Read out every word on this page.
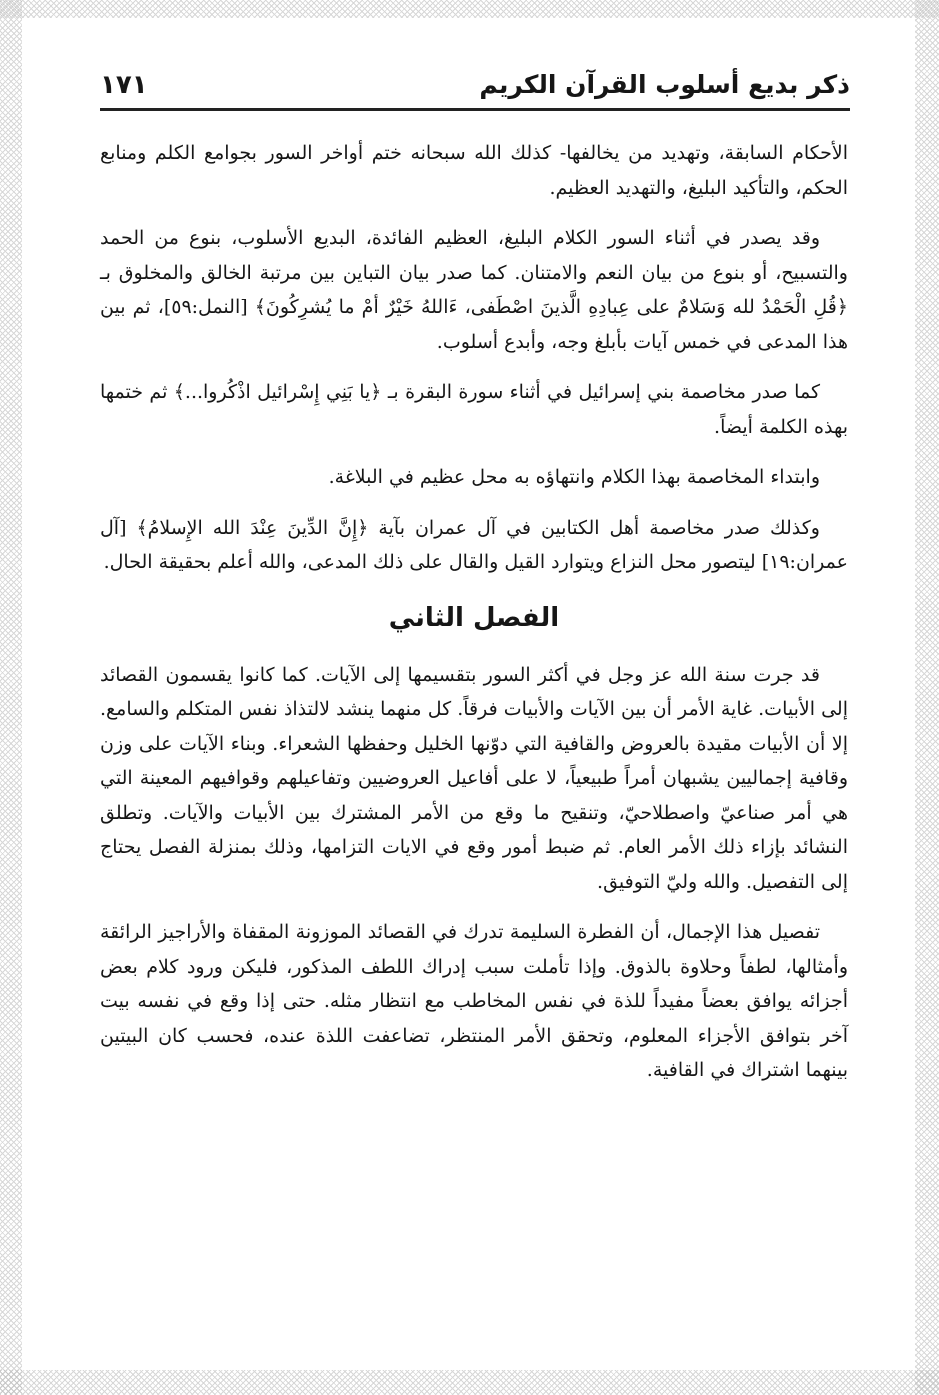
ذكر بديع أسلوب القرآن الكريم
١٧١

الأحكام السابقة، وتهديد من يخالفها- كذلك الله سبحانه ختم أواخر السور بجوامع الكلم ومنابع الحكم، والتأكيد البليغ، والتهديد العظيم.

وقد يصدر في أثناء السور الكلام البليغ، العظيم الفائدة، البديع الأسلوب، بنوع من الحمد والتسبيح، أو بنوع من بيان النعم والامتنان. كما صدر بيان التباين بين مرتبة الخالق والمخلوق بـ ﴿قُلِ الْحَمْدُ لله وَسَلامٌ على عِبادِهِ الَّذينَ اصْطَفى، ءَاللهُ خَيْرٌ أمْ ما يُشرِكُونَ﴾ [النمل:٥٩]، ثم بين هذا المدعى في خمس آيات بأبلغ وجه، وأبدع أسلوب.

كما صدر مخاصمة بني إسرائيل في أثناء سورة البقرة بـ ﴿يا بَنِي إِسْرائيل اذْكُروا...﴾ ثم ختمها بهذه الكلمة أيضاً.

وابتداء المخاصمة بهذا الكلام وانتهاؤه به محل عظيم في البلاغة.

وكذلك صدر مخاصمة أهل الكتابين في آل عمران بآية ﴿إِنَّ الدِّينَ عِنْدَ الله الإِسلامُ﴾ [آل عمران:١٩] ليتصور محل النزاع ويتوارد القيل والقال على ذلك المدعى، والله أعلم بحقيقة الحال.

الفصل الثاني

قد جرت سنة الله عز وجل في أكثر السور بتقسيمها إلى الآيات. كما كانوا يقسمون القصائد إلى الأبيات. غاية الأمر أن بين الآيات والأبيات فرقاً. كل منهما ينشد لالتذاذ نفس المتكلم والسامع. إلا أن الأبيات مقيدة بالعروض والقافية التي دوّنها الخليل وحفظها الشعراء. وبناء الآيات على وزن وقافية إجماليين يشبهان أمراً طبيعياً، لا على أفاعيل العروضيين وتفاعيلهم وقوافيهم المعينة التي هي أمر صناعيّ واصطلاحيّ، وتنقيح ما وقع من الأمر المشترك بين الأبيات والآيات. وتطلق النشائد بإزاء ذلك الأمر العام. ثم ضبط أمور وقع في الايات التزامها، وذلك بمنزلة الفصل يحتاج إلى التفصيل. والله وليّ التوفيق.

تفصيل هذا الإجمال، أن الفطرة السليمة تدرك في القصائد الموزونة المقفاة والأراجيز الرائقة وأمثالها، لطفاً وحلاوة بالذوق. وإذا تأملت سبب إدراك اللطف المذكور، فليكن ورود كلام بعض أجزائه يوافق بعضاً مفيداً للذة في نفس المخاطب مع انتظار مثله. حتى إذا وقع في نفسه بيت آخر بتوافق الأجزاء المعلوم، وتحقق الأمر المنتظر، تضاعفت اللذة عنده، فحسب كان البيتين بينهما اشتراك في القافية.
